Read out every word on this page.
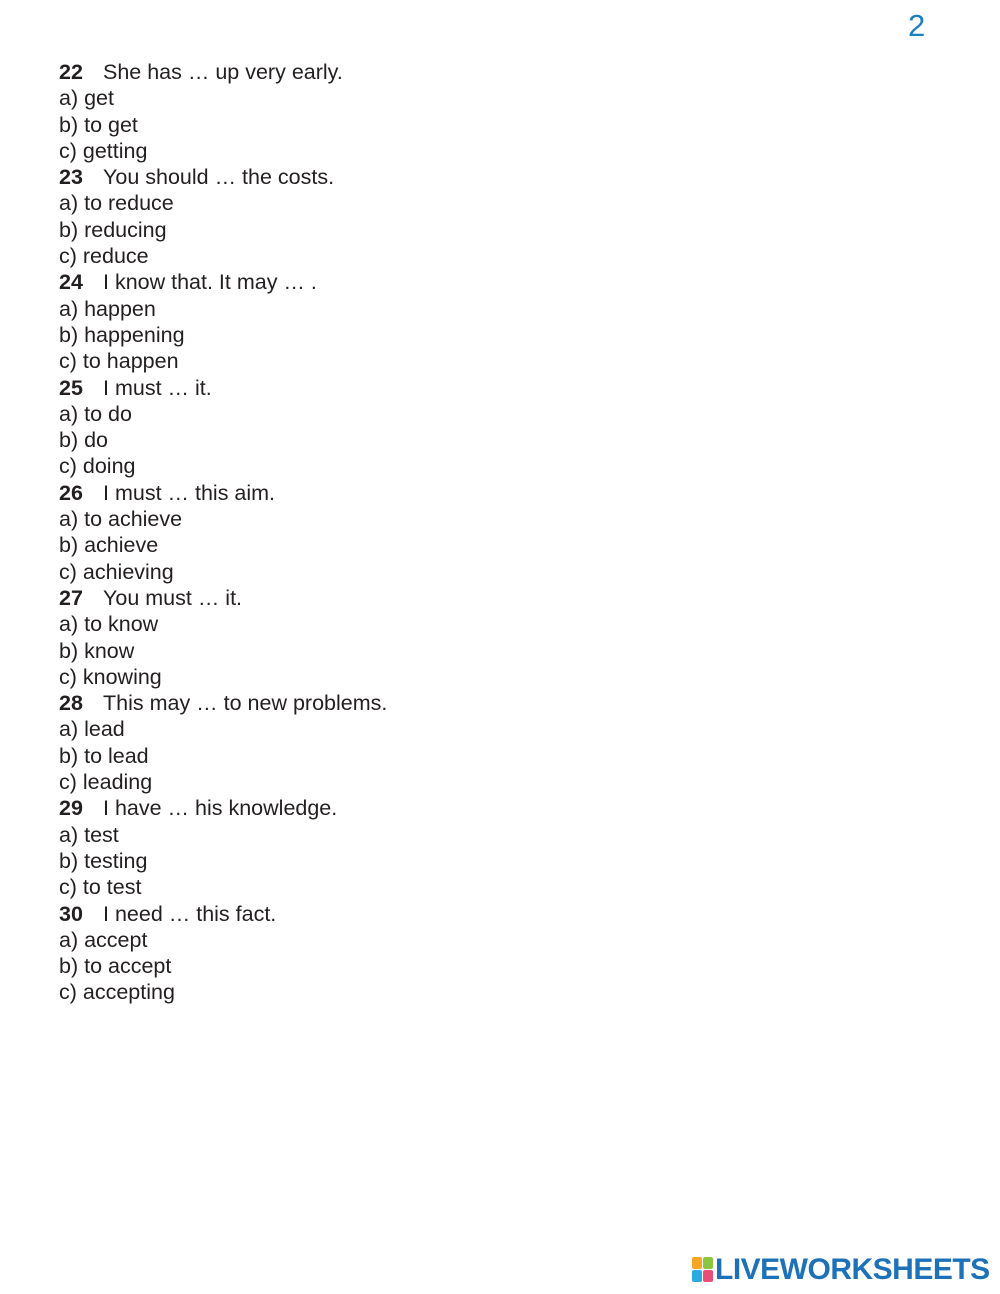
2
22 She has … up very early.
a) get
b) to get
c) getting
23 You should … the costs.
a) to reduce
b) reducing
c) reduce
24 I know that. It may … .
a) happen
b) happening
c) to happen
25 I must … it.
a) to do
b) do
c) doing
26 I must … this aim.
a) to achieve
b) achieve
c) achieving
27 You must … it.
a) to know
b) know
c) knowing
28 This may … to new problems.
a) lead
b) to lead
c) leading
29 I have … his knowledge.
a) test
b) testing
c) to test
30 I need … this fact.
a) accept
b) to accept
c) accepting
LIVEWORKSHEETS
